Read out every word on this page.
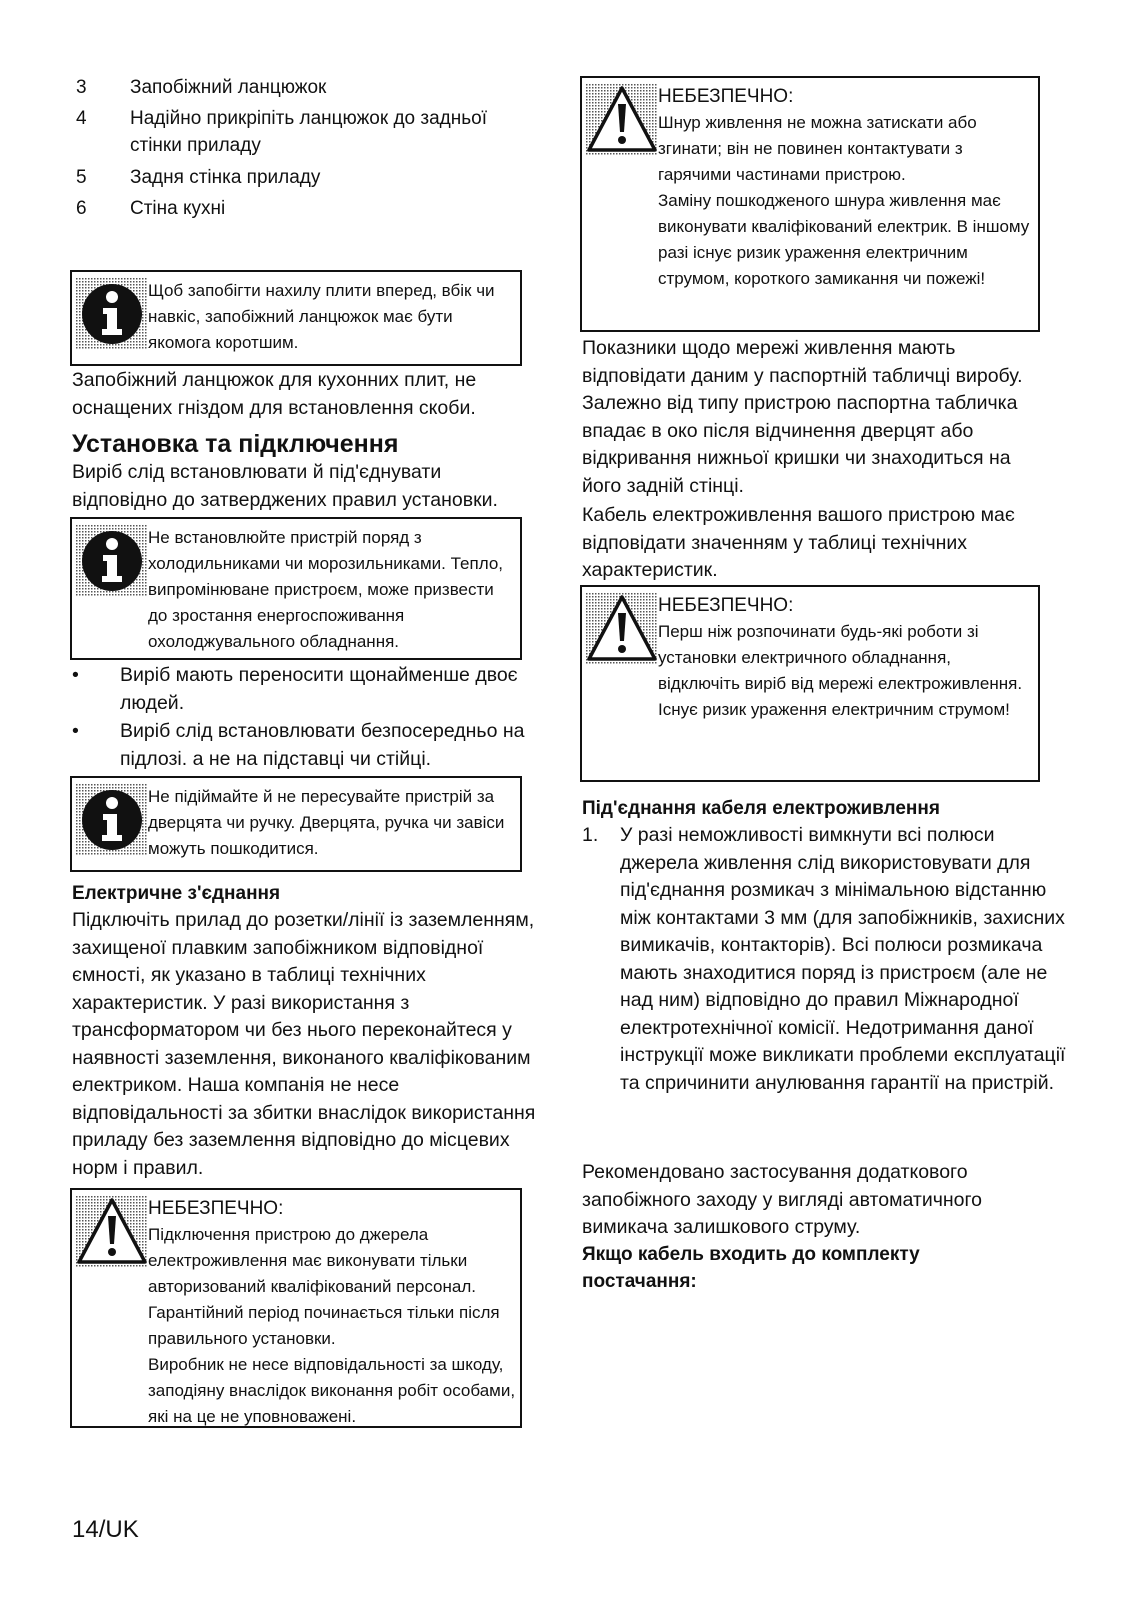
3 Запобіжний ланцюжок
4 Надійно прикріпіть ланцюжок до задньої стінки приладу
5 Задня стінка приладу
6 Стіна кухні
Щоб запобігти нахилу плити вперед, вбік чи навкіс, запобіжний ланцюжок має бути якомога коротшим.
Запобіжний ланцюжок для кухонних плит, не оснащених гніздом для встановлення скоби.
Установка та підключення
Виріб слід встановлювати й під'єднувати відповідно до затверджених правил установки.
Не встановлюйте пристрій поряд з холодильниками чи морозильниками. Тепло, випромінюване пристроєм, може призвести до зростання енергоспоживання охолоджувального обладнання.
• Виріб мають переносити щонайменше двоє людей.
• Виріб слід встановлювати безпосередньо на підлозі. а не на підставці чи стійці.
Не підіймайте й не пересувайте пристрій за дверцята чи ручку. Дверцята, ручка чи завіси можуть пошкодитися.
Електричне з'єднання
Підключіть прилад до розетки/лінії із заземленням, захищеної плавким запобіжником відповідної ємності, як указано в таблиці технічних характеристик. У разі використання з трансформатором чи без нього переконайтеся у наявності заземлення, виконаного кваліфікованим електриком. Наша компанія не несе відповідальності за збитки внаслідок використання приладу без заземлення відповідно до місцевих норм і правил.
НЕБЕЗПЕЧНО:
Підключення пристрою до джерела електроживлення має виконувати тільки авторизований кваліфікований персонал. Гарантійний період починається тільки після правильного установки.
Виробник не несе відповідальності за шкоду, заподіяну внаслідок виконання робіт особами, які на це не уповноважені.
НЕБЕЗПЕЧНО:
Шнур живлення не можна затискати або згинати; він не повинен контактувати з гарячими частинами пристрою.
Заміну пошкодженого шнура живлення має виконувати кваліфікований електрик. В іншому разі існує ризик ураження електричним струмом, короткого замикання чи пожежі!
Показники щодо мережі живлення мають відповідати даним у паспортній табличці виробу. Залежно від типу пристрою паспортна табличка впадає в око після відчинення дверцят або відкривання нижньої кришки чи знаходиться на його задній стінці.
Кабель електроживлення вашого пристрою має відповідати значенням у таблиці технічних характеристик.
НЕБЕЗПЕЧНО:
Перш ніж розпочинати будь-які роботи зі установки електричного обладнання, відключіть виріб від мережі електроживлення.
Існує ризик ураження електричним струмом!
Під'єднання кабеля електроживлення
1. У разі неможливості вимкнути всі полюси джерела живлення слід використовувати для під'єднання розмикач з мінімальною відстанню між контактами 3 мм (для запобіжників, захисних вимикачів, контакторів). Всі полюси розмикача мають знаходитися поряд із пристроєм (але не над ним) відповідно до правил Міжнародної електротехнічної комісії. Недотримання даної інструкції може викликати проблеми експлуатації та спричинити анулювання гарантії на пристрій.
Рекомендовано застосування додаткового запобіжного заходу у вигляді автоматичного вимикача залишкового струму.
Якщо кабель входить до комплекту постачання:
14/UK
